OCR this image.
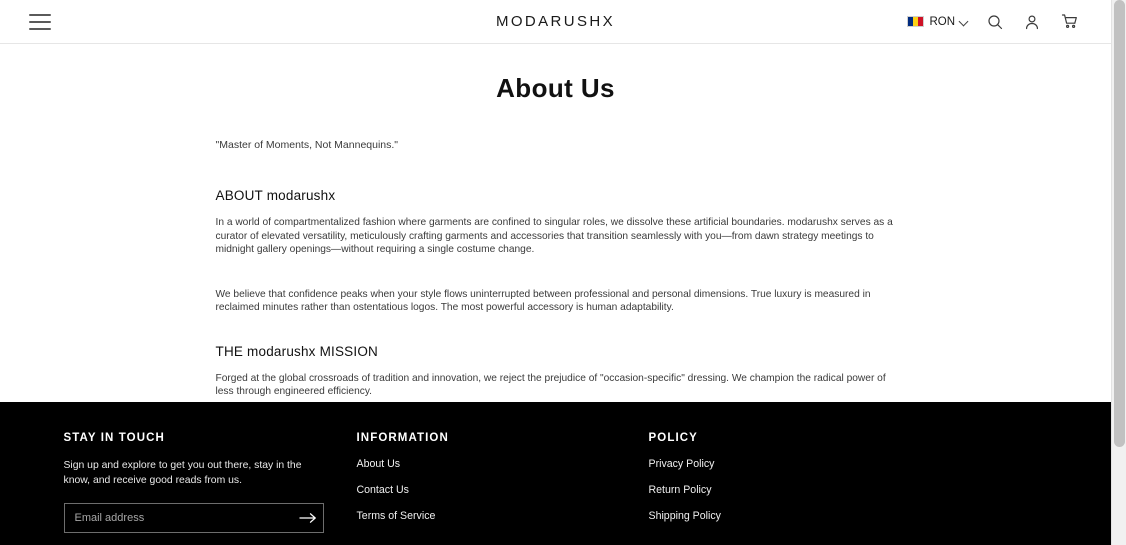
MODARUSHX	RON
About Us

"Master of Moments, Not Mannequins."

ABOUT modarushx

In a world of compartmentalized fashion where garments are confined to singular roles, we dissolve these artificial boundaries. modarushx serves as a curator of elevated versatility, meticulously crafting garments and accessories that transition seamlessly with you—from dawn strategy meetings to midnight gallery openings—without requiring a single costume change.

We believe that confidence peaks when your style flows uninterrupted between professional and personal dimensions. True luxury is measured in reclaimed minutes rather than ostentatious logos. The most powerful accessory is human adaptability.

THE modarushx MISSION

Forged at the global crossroads of tradition and innovation, we reject the prejudice of "occasion-specific" dressing. We champion the radical power of less through engineered efficiency.

STAY IN TOUCH
Sign up and explore to get you out there, stay in the know, and receive good reads from us.
Email address
INFORMATION
About Us
Contact Us
Terms of Service
POLICY
Privacy Policy
Return Policy
Shipping Policy
